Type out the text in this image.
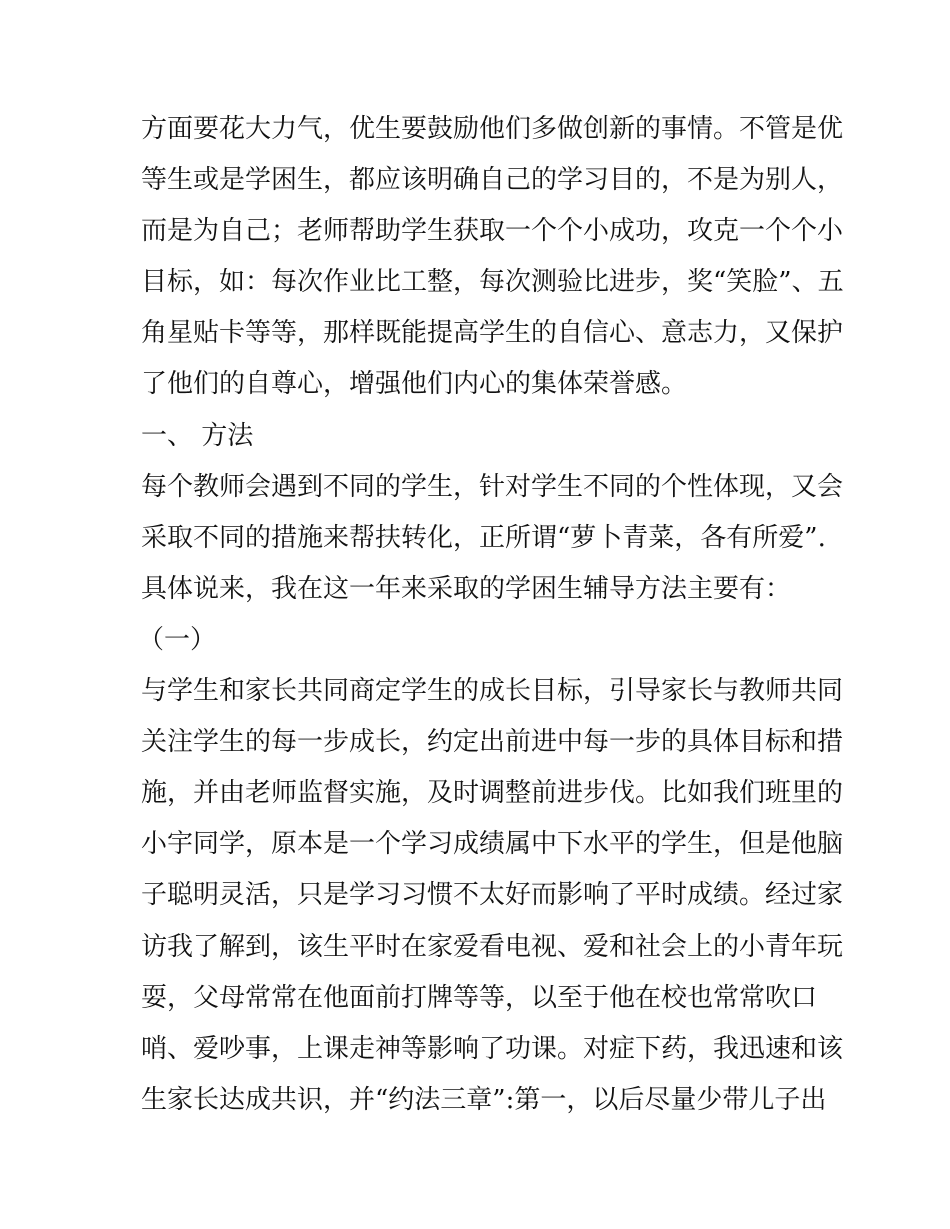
方面要花大力气，优生要鼓励他们多做创新的事情。不管是优
等生或是学困生，都应该明确自己的学习目的，不是为别人，
而是为自己；老师帮助学生获取一个个小成功，攻克一个个小
目标，如：每次作业比工整，每次测验比进步，奖“笑脸”、五
角星贴卡等等，那样既能提高学生的自信心、意志力，又保护
了他们的自尊心，增强他们内心的集体荣誉感。
一、 方法
每个教师会遇到不同的学生，针对学生不同的个性体现，又会
采取不同的措施来帮扶转化，正所谓“萝卜青菜，各有所爱”.
具体说来，我在这一年来采取的学困生辅导方法主要有：
（一）
与学生和家长共同商定学生的成长目标，引导家长与教师共同
关注学生的每一步成长，约定出前进中每一步的具体目标和措
施，并由老师监督实施，及时调整前进步伐。比如我们班里的
小宇同学，原本是一个学习成绩属中下水平的学生，但是他脑
子聪明灵活，只是学习习惯不太好而影响了平时成绩。经过家
访我了解到，该生平时在家爱看电视、爱和社会上的小青年玩
耍，父母常常在他面前打牌等等，以至于他在校也常常吹口
哨、爱吵事，上课走神等影响了功课。对症下药，我迅速和该
生家长达成共识，并“约法三章”:第一，以后尽量少带儿子出
